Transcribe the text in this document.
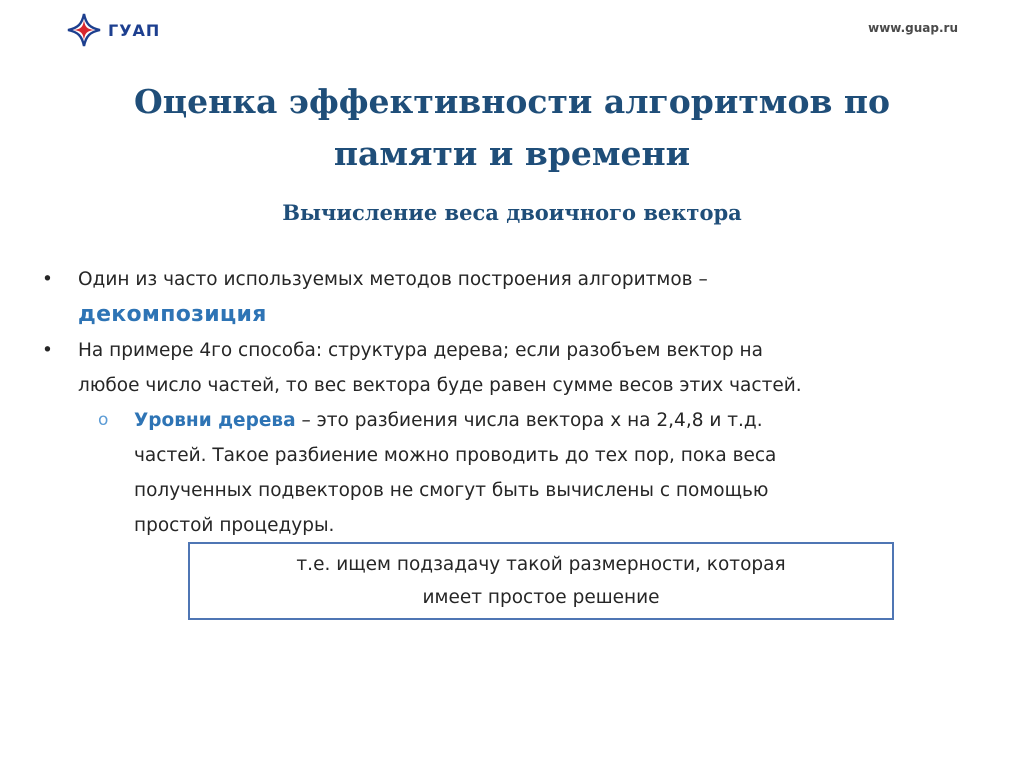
ГУАП	www.guap.ru
Оценка эффективности алгоритмов по
памяти и времени
Вычисление веса двоичного вектора
• Один из часто используемых методов построения алгоритмов –
декомпозиция
• На примере 4го способа: структура дерева; если разобъем вектор на
любое число частей, то вес вектора буде равен сумме весов этих частей.
o Уровни дерева – это разбиения числа вектора x на 2,4,8 и т.д.
частей. Такое разбиение можно проводить до тех пор, пока веса
полученных подвекторов не смогут быть вычислены с помощью
простой процедуры.
т.е. ищем подзадачу такой размерности, которая
имеет простое решение
